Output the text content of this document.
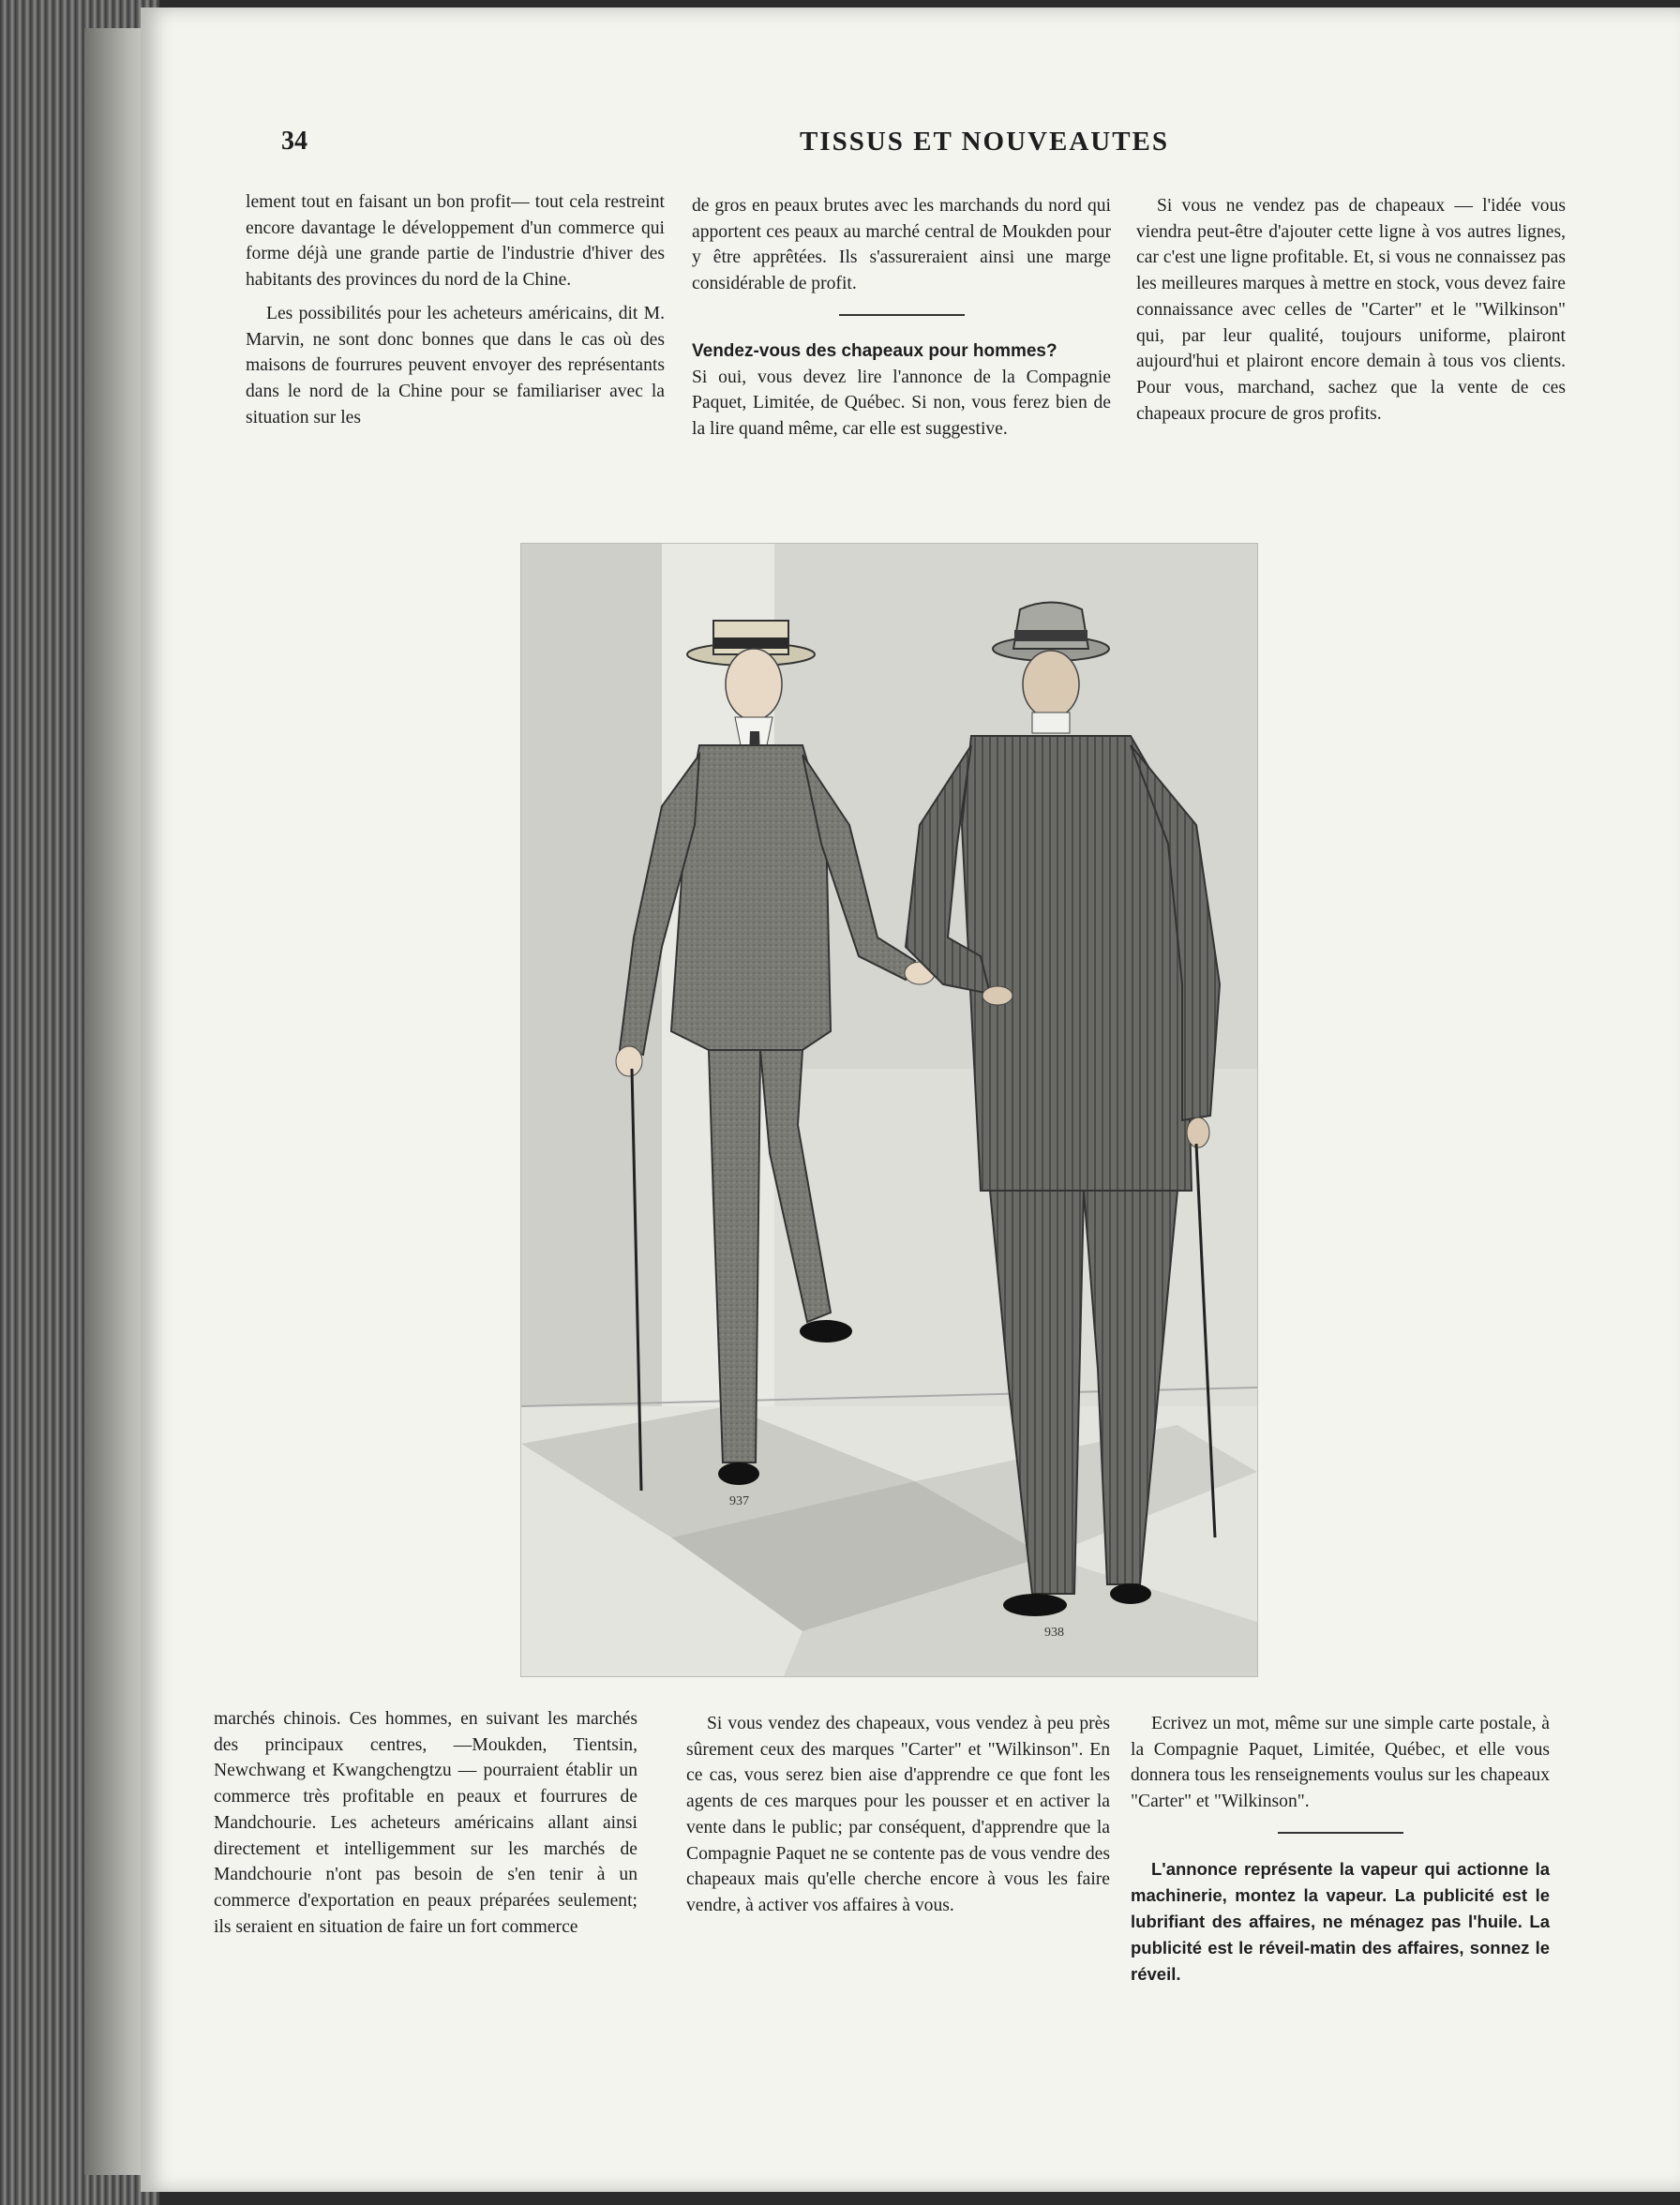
34	TISSUS ET NOUVEAUTES

lement tout en faisant un bon profit— tout cela restreint encore davantage le développement d'un commerce qui forme déjà une grande partie de l'industrie d'hiver des habitants des provinces du nord de la Chine.

Les possibilités pour les acheteurs américains, dit M. Marvin, ne sont donc bonnes que dans le cas où des maisons de fourrures peuvent envoyer des représentants dans le nord de la Chine pour se familiariser avec la situation sur les

de gros en peaux brutes avec les marchands du nord qui apportent ces peaux au marché central de Moukden pour y être apprêtées. Ils s'assureraient ainsi une marge considérable de profit.

Vendez-vous des chapeaux pour hommes?

Si oui, vous devez lire l'annonce de la Compagnie Paquet, Limitée, de Québec. Si non, vous ferez bien de la lire quand même, car elle est suggestive.

Si vous ne vendez pas de chapeaux — l'idée vous viendra peut-être d'ajouter cette ligne à vos autres lignes, car c'est une ligne profitable. Et, si vous ne connaissez pas les meilleures marques à mettre en stock, vous devez faire connaissance avec celles de "Carter" et le "Wilkinson" qui, par leur qualité, toujours uniforme, plairont aujourd'hui et plairont encore demain à tous vos clients. Pour vous, marchand, sachez que la vente de ces chapeaux procure de gros profits.

937
938

marchés chinois. Ces hommes, en suivant les marchés des principaux centres, —Moukden, Tientsin, Newchwang et Kwangchengtzu — pourraient établir un commerce très profitable en peaux et fourrures de Mandchourie. Les acheteurs américains allant ainsi directement et intelligemment sur les marchés de Mandchourie n'ont pas besoin de s'en tenir à un commerce d'exportation en peaux préparées seulement; ils seraient en situation de faire un fort commerce

Si vous vendez des chapeaux, vous vendez à peu près sûrement ceux des marques "Carter" et "Wilkinson". En ce cas, vous serez bien aise d'apprendre ce que font les agents de ces marques pour les pousser et en activer la vente dans le public; par conséquent, d'apprendre que la Compagnie Paquet ne se contente pas de vous vendre des chapeaux mais qu'elle cherche encore à vous les faire vendre, à activer vos affaires à vous.

Ecrivez un mot, même sur une simple carte postale, à la Compagnie Paquet, Limitée, Québec, et elle vous donnera tous les renseignements voulus sur les chapeaux "Carter" et "Wilkinson".

L'annonce représente la vapeur qui actionne la machinerie, montez la vapeur. La publicité est le lubrifiant des affaires, ne ménagez pas l'huile. La publicité est le réveil-matin des affaires, sonnez le réveil.
